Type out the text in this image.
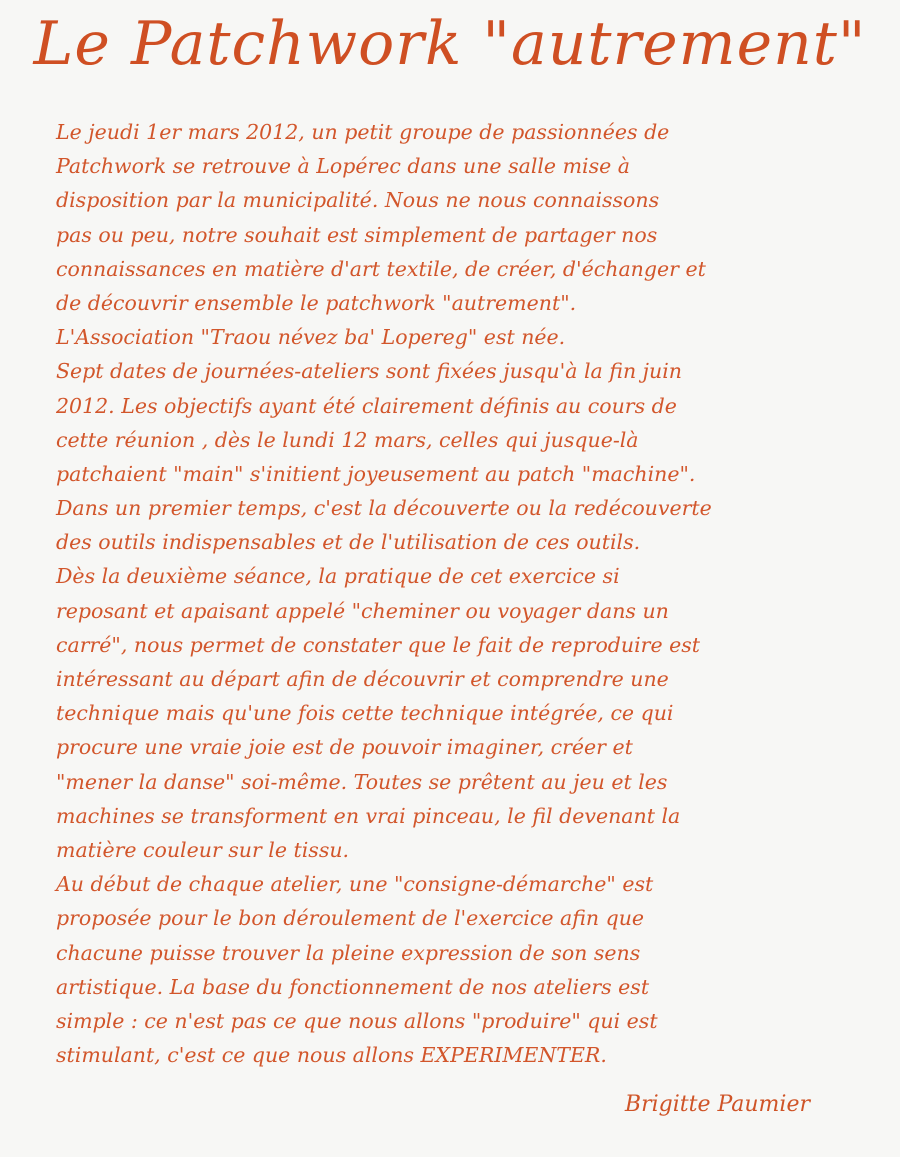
Le Patchwork "autrement"
Le jeudi 1er mars 2012, un petit groupe de passionnées de
Patchwork se retrouve à Lopérec dans une salle mise à
disposition par la municipalité. Nous ne nous connaissons
pas ou peu, notre souhait est simplement de partager nos
connaissances en matière d'art textile, de créer, d'échanger et
de découvrir ensemble le patchwork "autrement".
L'Association "Traou névez ba' Lopereg" est née.
Sept dates de journées-ateliers sont fixées jusqu'à la fin juin
2012. Les objectifs ayant été clairement définis au cours de
cette réunion , dès le lundi 12 mars, celles qui jusque-là
patchaient "main" s'initient joyeusement au patch "machine".
Dans un premier temps, c'est la découverte ou la redécouverte
des outils indispensables et de l'utilisation de ces outils.
Dès la deuxième séance, la pratique de cet exercice si
reposant et apaisant appelé "cheminer ou voyager dans un
carré", nous permet de constater que le fait de reproduire est
intéressant au départ afin de découvrir et comprendre une
technique mais qu'une fois cette technique intégrée, ce qui
procure une vraie joie est de pouvoir imaginer, créer et
"mener la danse" soi-même. Toutes se prêtent au jeu et les
machines se transforment en vrai pinceau, le fil devenant la
matière couleur sur le tissu.
Au début de chaque atelier, une "consigne-démarche" est
proposée pour le bon déroulement de l'exercice afin que
chacune puisse trouver la pleine expression de son sens
artistique. La base du fonctionnement de nos ateliers est
simple : ce n'est pas ce que nous allons "produire" qui est
stimulant, c'est ce que nous allons EXPERIMENTER.
Brigitte Paumier
